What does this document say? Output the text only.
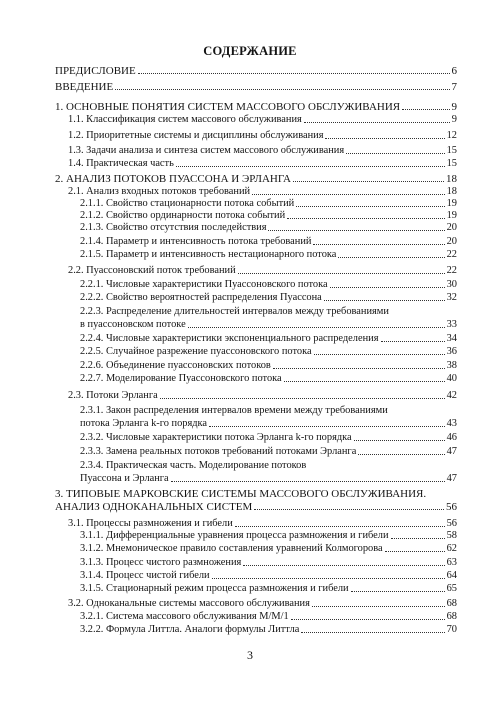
СОДЕРЖАНИЕ
ПРЕДИСЛОВИЕ	6
ВВЕДЕНИЕ	7
1. ОСНОВНЫЕ ПОНЯТИЯ СИСТЕМ МАССОВОГО ОБСЛУЖИВАНИЯ	9
1.1. Классификация систем массового обслуживания	9
1.2. Приоритетные системы и дисциплины обслуживания	12
1.3. Задачи анализа и синтеза систем массового обслуживания	15
1.4. Практическая часть	15
2. АНАЛИЗ ПОТОКОВ ПУАССОНА И ЭРЛАНГА	18
2.1. Анализ входных потоков требований	18
2.1.1. Свойство стационарности потока событий	19
2.1.2. Свойство ординарности потока событий	19
2.1.3. Свойство отсутствия последействия	20
2.1.4. Параметр и интенсивность потока требований	20
2.1.5. Параметр и интенсивность нестационарного потока	22
2.2. Пуассоновский поток требований	22
2.2.1. Числовые характеристики Пуассоновского потока	30
2.2.2. Свойство вероятностей распределения Пуассона	32
2.2.3. Распределение длительностей интервалов между требованиями
в пуассоновском потоке	33
2.2.4. Числовые характеристики экспоненциального распределения	34
2.2.5. Случайное разрежение пуассоновского потока	36
2.2.6. Объединение пуассоновских потоков	38
2.2.7. Моделирование Пуассоновского потока	40
2.3. Потоки Эрланга	42
2.3.1. Закон распределения интервалов времени между требованиями
потока Эрланга k-го порядка	43
2.3.2. Числовые характеристики потока Эрланга k-го порядка	46
2.3.3. Замена реальных потоков требований потоками Эрланга	47
2.3.4. Практическая часть. Моделирование потоков
Пуассона и Эрланга	47
3. ТИПОВЫЕ МАРКОВСКИЕ СИСТЕМЫ МАССОВОГО ОБСЛУЖИВАНИЯ.
АНАЛИЗ ОДНОКАНАЛЬНЫХ СИСТЕМ	56
3.1. Процессы размножения и гибели	56
3.1.1. Дифференциальные уравнения процесса размножения и гибели	58
3.1.2. Мнемоническое правило составления уравнений Колмогорова	62
3.1.3. Процесс чистого размножения	63
3.1.4. Процесс чистой гибели	64
3.1.5. Стационарный режим процесса размножения и гибели	65
3.2. Одноканальные системы массового обслуживания	68
3.2.1. Система массового обслуживания М/М/1	68
3.2.2. Формула Литтла. Аналоги формулы Литтла	70
3
